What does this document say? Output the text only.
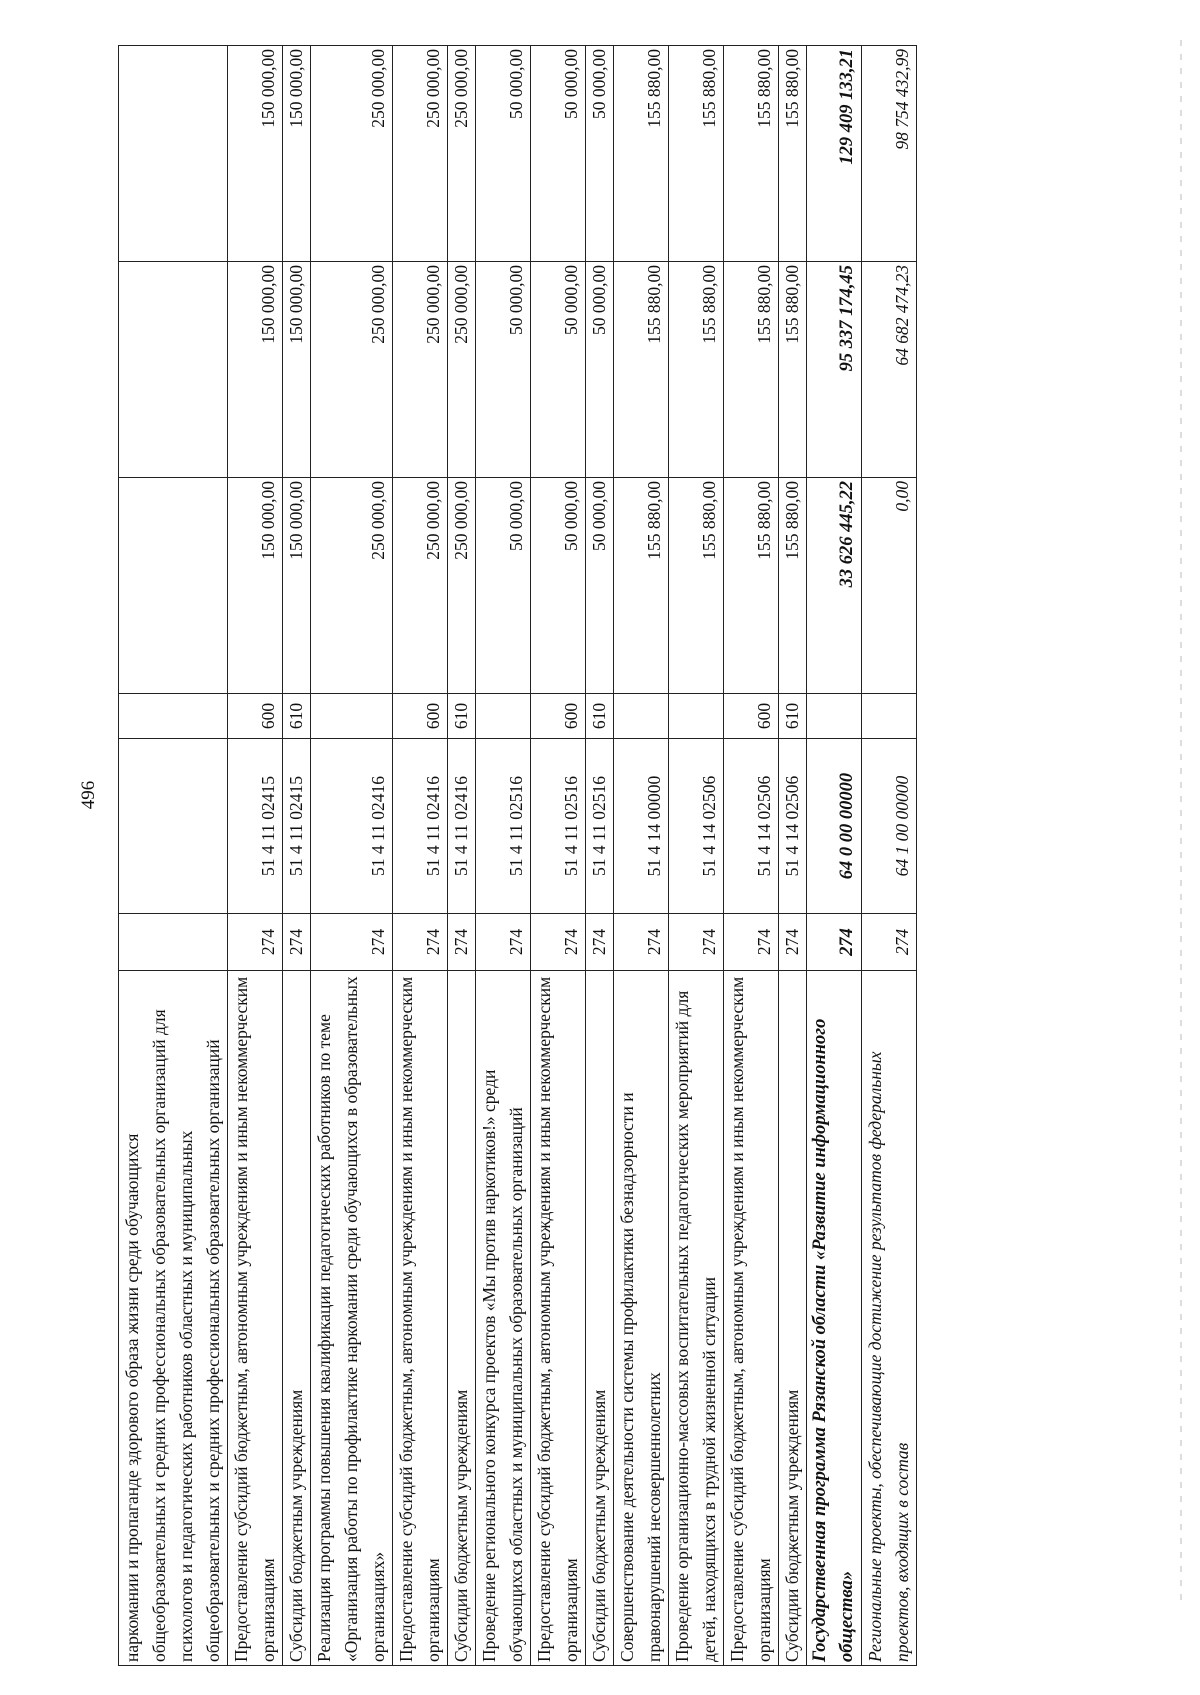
496
наркомании и пропаганде здорового образа жизни среди обучающихся общеобразовательных и средних профессиональных образовательных организаций для психологов и педагогических работников областных и муниципальных общеобразовательных и средних профессиональных образовательных организаций						
Предоставление субсидий бюджетным, автономным учреждениям и иным некоммерческим организациям	274	51 4 11 02415	600	150 000,00	150 000,00	150 000,00
Субсидии бюджетным учреждениям	274	51 4 11 02415	610	150 000,00	150 000,00	150 000,00
Реализация программы повышения квалификации педагогических работников по теме «Организация работы по профилактике наркомании среди обучающихся в образовательных организациях»	274	51 4 11 02416		250 000,00	250 000,00	250 000,00
Предоставление субсидий бюджетным, автономным учреждениям и иным некоммерческим организациям	274	51 4 11 02416	600	250 000,00	250 000,00	250 000,00
Субсидии бюджетным учреждениям	274	51 4 11 02416	610	250 000,00	250 000,00	250 000,00
Проведение регионального конкурса проектов «Мы против наркотиков!» среди обучающихся областных и муниципальных образовательных организаций	274	51 4 11 02516		50 000,00	50 000,00	50 000,00
Предоставление субсидий бюджетным, автономным учреждениям и иным некоммерческим организациям	274	51 4 11 02516	600	50 000,00	50 000,00	50 000,00
Субсидии бюджетным учреждениям	274	51 4 11 02516	610	50 000,00	50 000,00	50 000,00
Совершенствование деятельности системы профилактики безнадзорности и правонарушений несовершеннолетних	274	51 4 14 00000		155 880,00	155 880,00	155 880,00
Проведение организационно-массовых воспитательных педагогических мероприятий для детей, находящихся в трудной жизненной ситуации	274	51 4 14 02506		155 880,00	155 880,00	155 880,00
Предоставление субсидий бюджетным, автономным учреждениям и иным некоммерческим организациям	274	51 4 14 02506	600	155 880,00	155 880,00	155 880,00
Субсидии бюджетным учреждениям	274	51 4 14 02506	610	155 880,00	155 880,00	155 880,00
Государственная программа Рязанской области «Развитие информационного общества»	274	64 0 00 00000		33 626 445,22	95 337 174,45	129 409 133,21
Региональные проекты, обеспечивающие достижение результатов федеральных проектов, входящих в состав	274	64 1 00 00000		0,00	64 682 474,23	98 754 432,99
